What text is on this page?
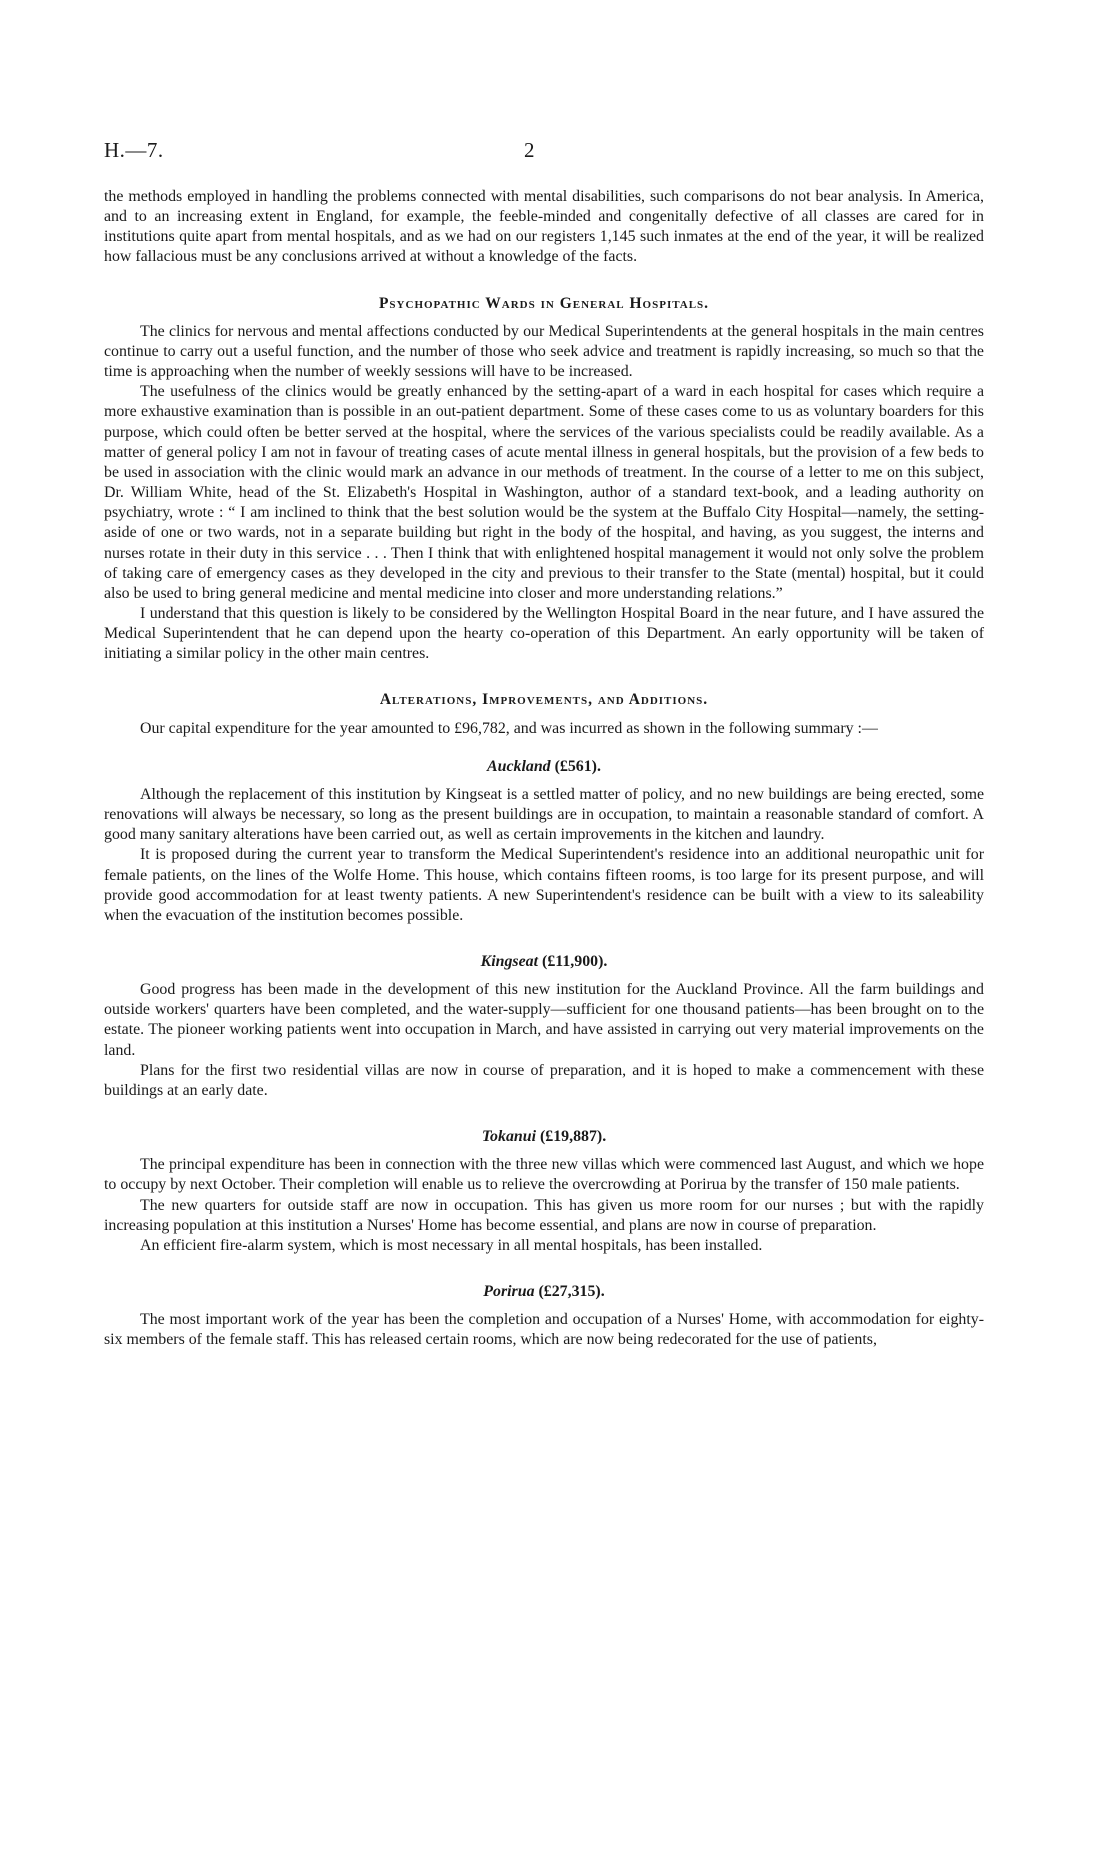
H.—7.	2

the methods employed in handling the problems connected with mental disabilities, such comparisons do not bear analysis. In America, and to an increasing extent in England, for example, the feeble-minded and congenitally defective of all classes are cared for in institutions quite apart from mental hospitals, and as we had on our registers 1,145 such inmates at the end of the year, it will be realized how fallacious must be any conclusions arrived at without a knowledge of the facts.

Psychopathic Wards in General Hospitals.

The clinics for nervous and mental affections conducted by our Medical Superintendents at the general hospitals in the main centres continue to carry out a useful function, and the number of those who seek advice and treatment is rapidly increasing, so much so that the time is approaching when the number of weekly sessions will have to be increased.

The usefulness of the clinics would be greatly enhanced by the setting-apart of a ward in each hospital for cases which require a more exhaustive examination than is possible in an out-patient department. Some of these cases come to us as voluntary boarders for this purpose, which could often be better served at the hospital, where the services of the various specialists could be readily available. As a matter of general policy I am not in favour of treating cases of acute mental illness in general hospitals, but the provision of a few beds to be used in association with the clinic would mark an advance in our methods of treatment. In the course of a letter to me on this subject, Dr. William White, head of the St. Elizabeth's Hospital in Washington, author of a standard text-book, and a leading authority on psychiatry, wrote : “ I am inclined to think that the best solution would be the system at the Buffalo City Hospital—namely, the setting-aside of one or two wards, not in a separate building but right in the body of the hospital, and having, as you suggest, the interns and nurses rotate in their duty in this service . . . Then I think that with enlightened hospital management it would not only solve the problem of taking care of emergency cases as they developed in the city and previous to their transfer to the State (mental) hospital, but it could also be used to bring general medicine and mental medicine into closer and more understanding relations.”

I understand that this question is likely to be considered by the Wellington Hospital Board in the near future, and I have assured the Medical Superintendent that he can depend upon the hearty co-operation of this Department. An early opportunity will be taken of initiating a similar policy in the other main centres.

Alterations, Improvements, and Additions.

Our capital expenditure for the year amounted to £96,782, and was incurred as shown in the following summary :—

Auckland (£561).

Although the replacement of this institution by Kingseat is a settled matter of policy, and no new buildings are being erected, some renovations will always be necessary, so long as the present buildings are in occupation, to maintain a reasonable standard of comfort. A good many sanitary alterations have been carried out, as well as certain improvements in the kitchen and laundry.

It is proposed during the current year to transform the Medical Superintendent's residence into an additional neuropathic unit for female patients, on the lines of the Wolfe Home. This house, which contains fifteen rooms, is too large for its present purpose, and will provide good accommodation for at least twenty patients. A new Superintendent's residence can be built with a view to its saleability when the evacuation of the institution becomes possible.

Kingseat (£11,900).

Good progress has been made in the development of this new institution for the Auckland Province. All the farm buildings and outside workers' quarters have been completed, and the water-supply—sufficient for one thousand patients—has been brought on to the estate. The pioneer working patients went into occupation in March, and have assisted in carrying out very material improvements on the land.

Plans for the first two residential villas are now in course of preparation, and it is hoped to make a commencement with these buildings at an early date.

Tokanui (£19,887).

The principal expenditure has been in connection with the three new villas which were commenced last August, and which we hope to occupy by next October. Their completion will enable us to relieve the overcrowding at Porirua by the transfer of 150 male patients.

The new quarters for outside staff are now in occupation. This has given us more room for our nurses ; but with the rapidly increasing population at this institution a Nurses' Home has become essential, and plans are now in course of preparation.

An efficient fire-alarm system, which is most necessary in all mental hospitals, has been installed.

Porirua (£27,315).

The most important work of the year has been the completion and occupation of a Nurses' Home, with accommodation for eighty-six members of the female staff. This has released certain rooms, which are now being redecorated for the use of patients,
